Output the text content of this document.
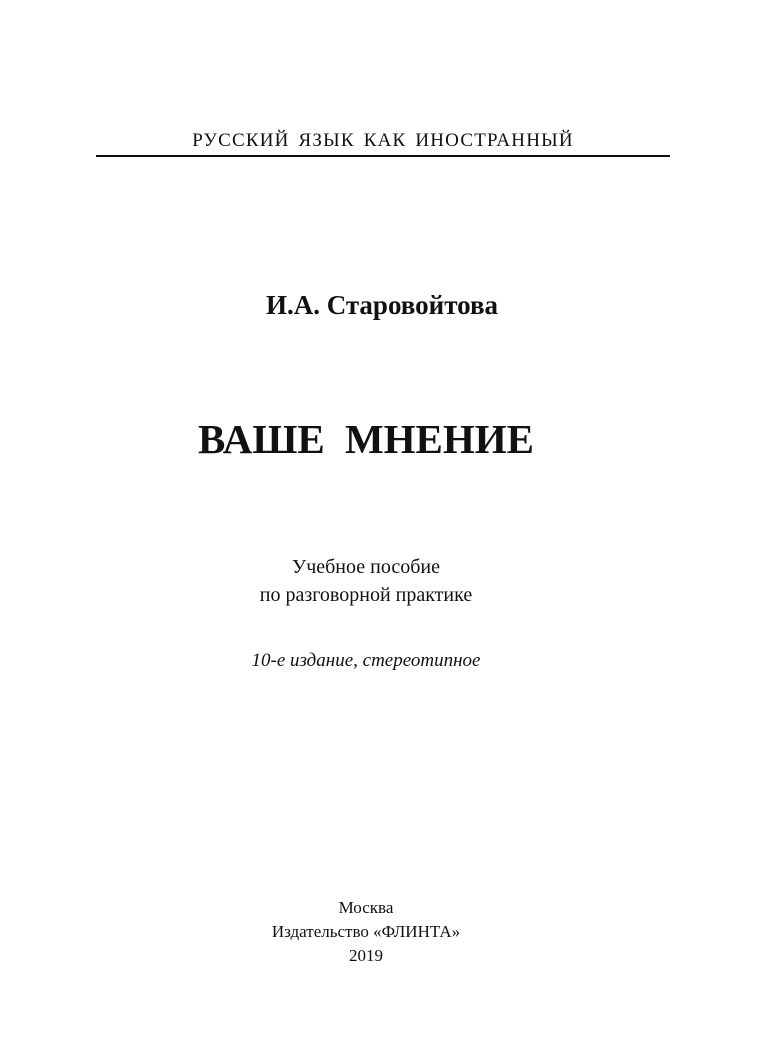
РУССКИЙ ЯЗЫК КАК ИНОСТРАННЫЙ
И.А. Старовойтова
ВАШЕ МНЕНИЕ
Учебное пособие
по разговорной практике
10-е издание, стереотипное
Москва
Издательство «ФЛИНТА»
2019
